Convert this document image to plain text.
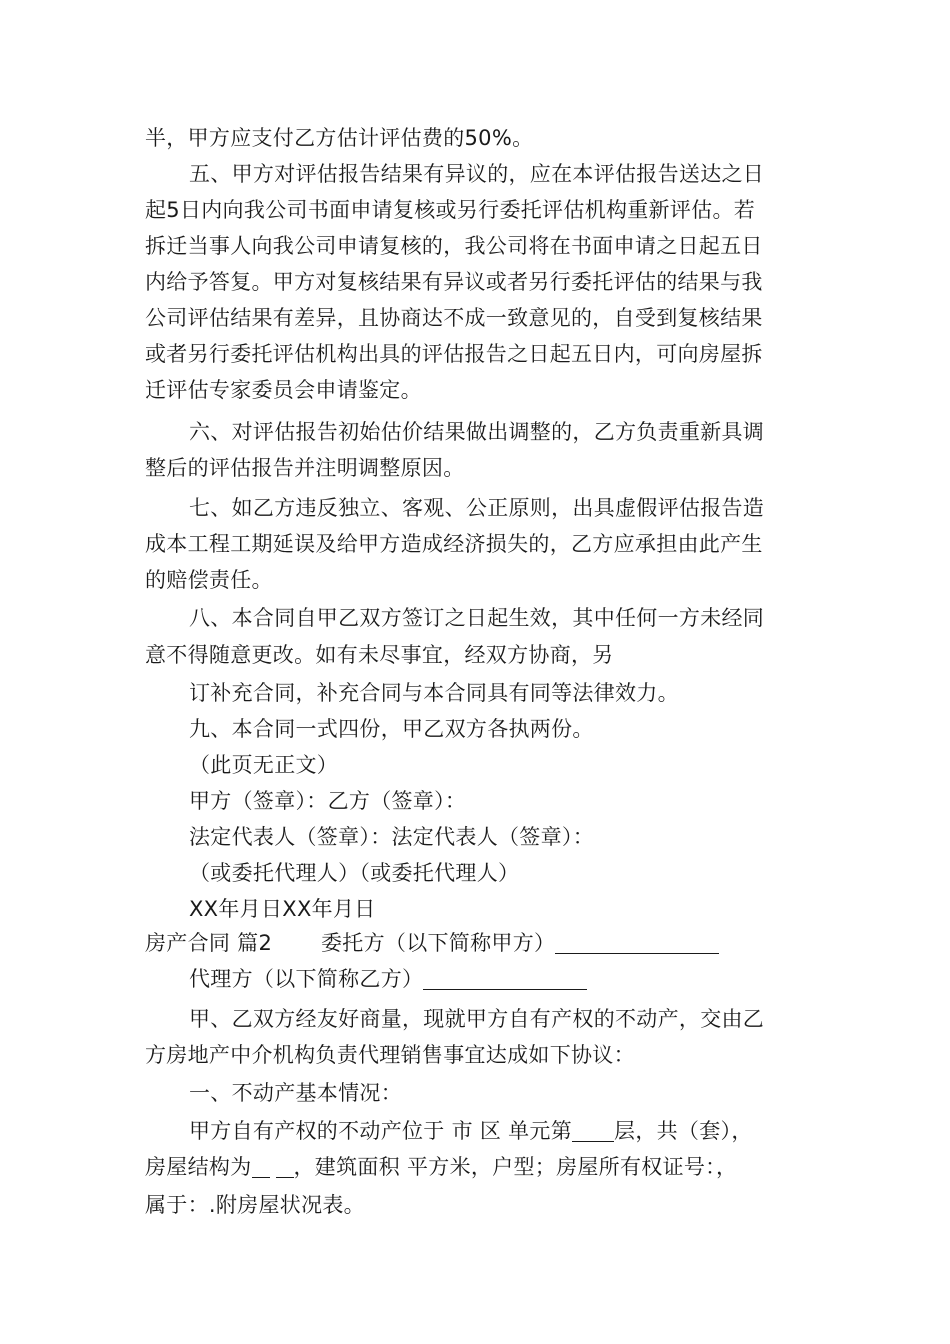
半，甲方应支付乙方估计评估费的50%。
五、甲方对评估报告结果有异议的，应在本评估报告送达之日
起5日内向我公司书面申请复核或另行委托评估机构重新评估。若
拆迁当事人向我公司申请复核的，我公司将在书面申请之日起五日
内给予答复。甲方对复核结果有异议或者另行委托评估的结果与我
公司评估结果有差异，且协商达不成一致意见的，自受到复核结果
或者另行委托评估机构出具的评估报告之日起五日内，可向房屋拆
迁评估专家委员会申请鉴定。
六、对评估报告初始估价结果做出调整的，乙方负责重新具调
整后的评估报告并注明调整原因。
七、如乙方违反独立、客观、公正原则，出具虚假评估报告造
成本工程工期延误及给甲方造成经济损失的，乙方应承担由此产生
的赔偿责任。
八、本合同自甲乙双方签订之日起生效，其中任何一方未经同
意不得随意更改。如有未尽事宜，经双方协商，另
订补充合同，补充合同与本合同具有同等法律效力。
九、本合同一式四份，甲乙双方各执两份。
（此页无正文）
甲方（签章）：乙方（签章）：
法定代表人（签章）：法定代表人（签章）：
（或委托代理人）（或委托代理人）
XX年月日XX年月日
房产合同 篇2 委托方（以下简称甲方）
代理方（以下简称乙方）
甲、乙双方经友好商量，现就甲方自有产权的不动产，交由乙
方房地产中介机构负责代理销售事宜达成如下协议：
一、不动产基本情况：
甲方自有产权的不动产位于 市 区 单元第 层，共（套），
房屋结构为 ，建筑面积 平方米，户型；房屋所有权证号：，
属于：.附房屋状况表。
